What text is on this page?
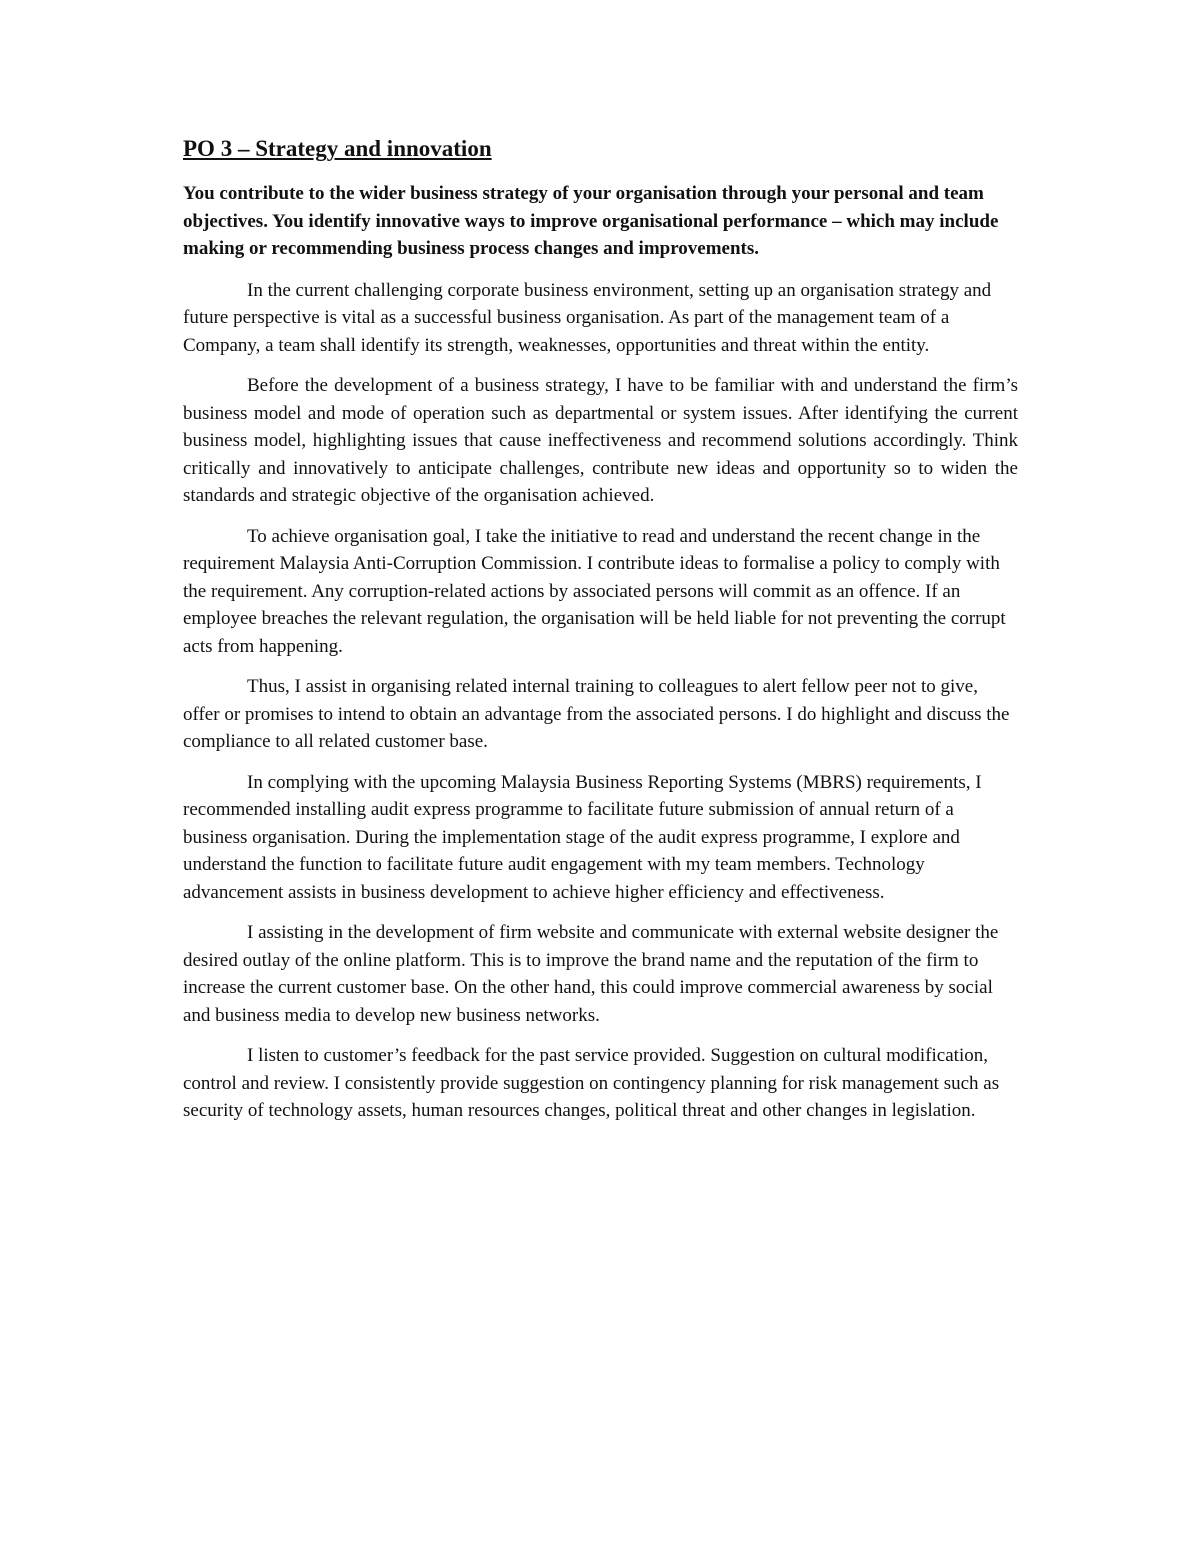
PO 3 – Strategy and innovation
You contribute to the wider business strategy of your organisation through your personal and team objectives. You identify innovative ways to improve organisational performance – which may include making or recommending business process changes and improvements.

In the current challenging corporate business environment, setting up an organisation strategy and future perspective is vital as a successful business organisation. As part of the management team of a Company, a team shall identify its strength, weaknesses, opportunities and threat within the entity.

Before the development of a business strategy, I have to be familiar with and understand the firm’s business model and mode of operation such as departmental or system issues. After identifying the current business model, highlighting issues that cause ineffectiveness and recommend solutions accordingly. Think critically and innovatively to anticipate challenges, contribute new ideas and opportunity so to widen the standards and strategic objective of the organisation achieved.

To achieve organisation goal, I take the initiative to read and understand the recent change in the requirement Malaysia Anti-Corruption Commission. I contribute ideas to formalise a policy to comply with the requirement. Any corruption-related actions by associated persons will commit as an offence. If an employee breaches the relevant regulation, the organisation will be held liable for not preventing the corrupt acts from happening.

Thus, I assist in organising related internal training to colleagues to alert fellow peer not to give, offer or promises to intend to obtain an advantage from the associated persons. I do highlight and discuss the compliance to all related customer base.

In complying with the upcoming Malaysia Business Reporting Systems (MBRS) requirements, I recommended installing audit express programme to facilitate future submission of annual return of a business organisation. During the implementation stage of the audit express programme, I explore and understand the function to facilitate future audit engagement with my team members. Technology advancement assists in business development to achieve higher efficiency and effectiveness.

I assisting in the development of firm website and communicate with external website designer the desired outlay of the online platform. This is to improve the brand name and the reputation of the firm to increase the current customer base. On the other hand, this could improve commercial awareness by social and business media to develop new business networks.

I listen to customer’s feedback for the past service provided. Suggestion on cultural modification, control and review. I consistently provide suggestion on contingency planning for risk management such as security of technology assets, human resources changes, political threat and other changes in legislation.
